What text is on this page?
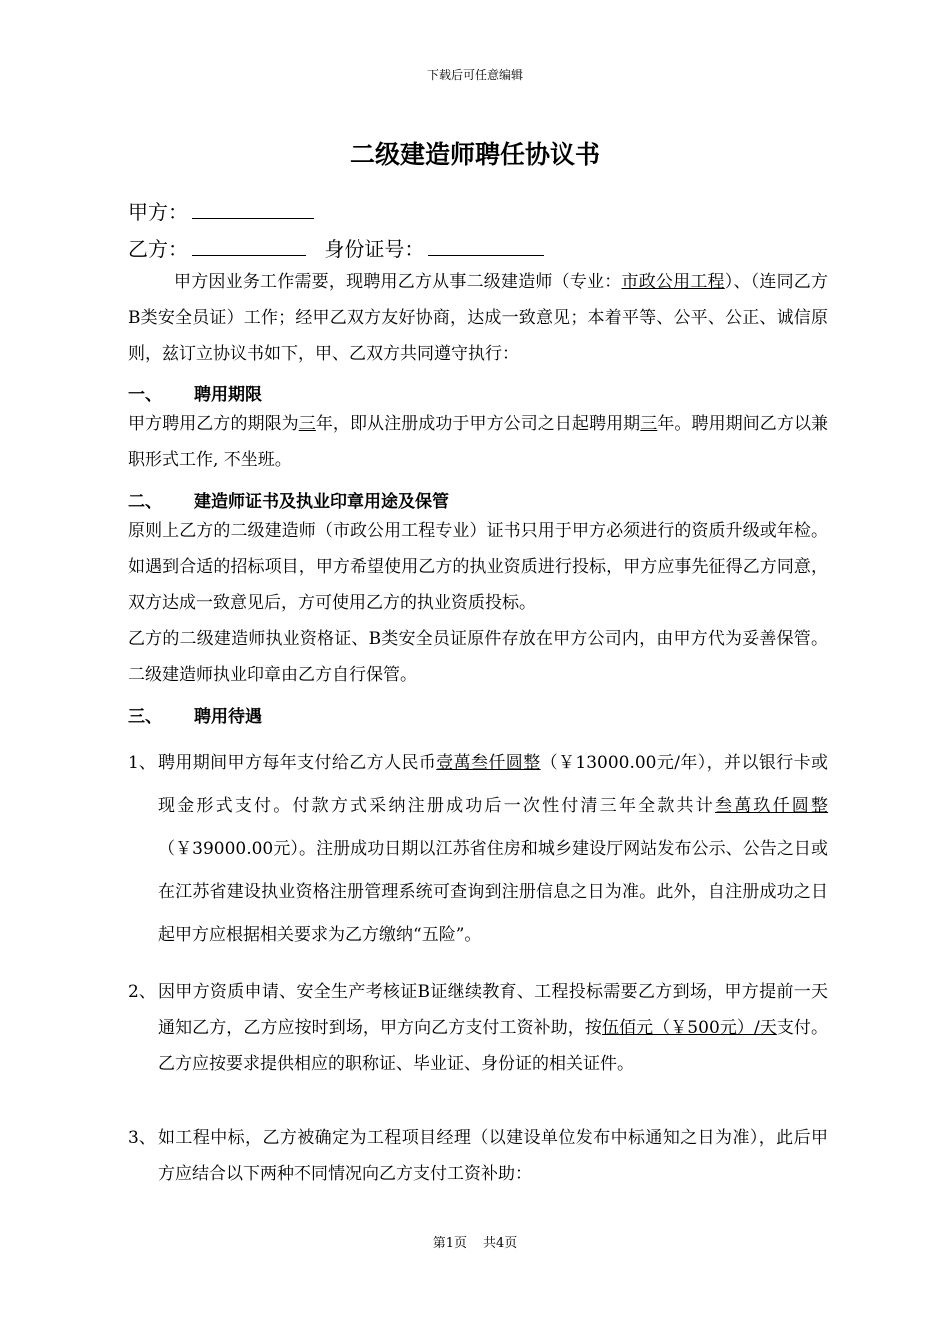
下载后可任意编辑
二级建造师聘任协议书
甲方：
乙方：	身份证号：
甲方因业务工作需要，现聘用乙方从事二级建造师（专业：市政公用工程）、（连同乙方B类安全员证）工作；经甲乙双方友好协商，达成一致意见；本着平等、公平、公正、诚信原则，兹订立协议书如下，甲、乙双方共同遵守执行：
一、 聘用期限
甲方聘用乙方的期限为三年，即从注册成功于甲方公司之日起聘用期三年。聘用期间乙方以兼职形式工作, 不坐班。
二、 建造师证书及执业印章用途及保管
原则上乙方的二级建造师（市政公用工程专业）证书只用于甲方必须进行的资质升级或年检。如遇到合适的招标项目，甲方希望使用乙方的执业资质进行投标，甲方应事先征得乙方同意，双方达成一致意见后，方可使用乙方的执业资质投标。
乙方的二级建造师执业资格证、B类安全员证原件存放在甲方公司内，由甲方代为妥善保管。二级建造师执业印章由乙方自行保管。
三、 聘用待遇
1、 聘用期间甲方每年支付给乙方人民币壹萬叁仟圆整（￥13000.00元/年），并以银行卡或现金形式支付。付款方式采纳注册成功后一次性付清三年全款共计叁萬玖仟圆整（￥39000.00元）。注册成功日期以江苏省住房和城乡建设厅网站发布公示、公告之日或在江苏省建设执业资格注册管理系统可查询到注册信息之日为准。此外，自注册成功之日起甲方应根据相关要求为乙方缴纳“五险”。
2、 因甲方资质申请、安全生产考核证B证继续教育、工程投标需要乙方到场，甲方提前一天通知乙方，乙方应按时到场，甲方向乙方支付工资补助，按伍佰元（￥500元）/天支付。乙方应按要求提供相应的职称证、毕业证、身份证的相关证件。
3、 如工程中标，乙方被确定为工程项目经理（以建设单位发布中标通知之日为准），此后甲方应结合以下两种不同情况向乙方支付工资补助：
第1页 共4页
